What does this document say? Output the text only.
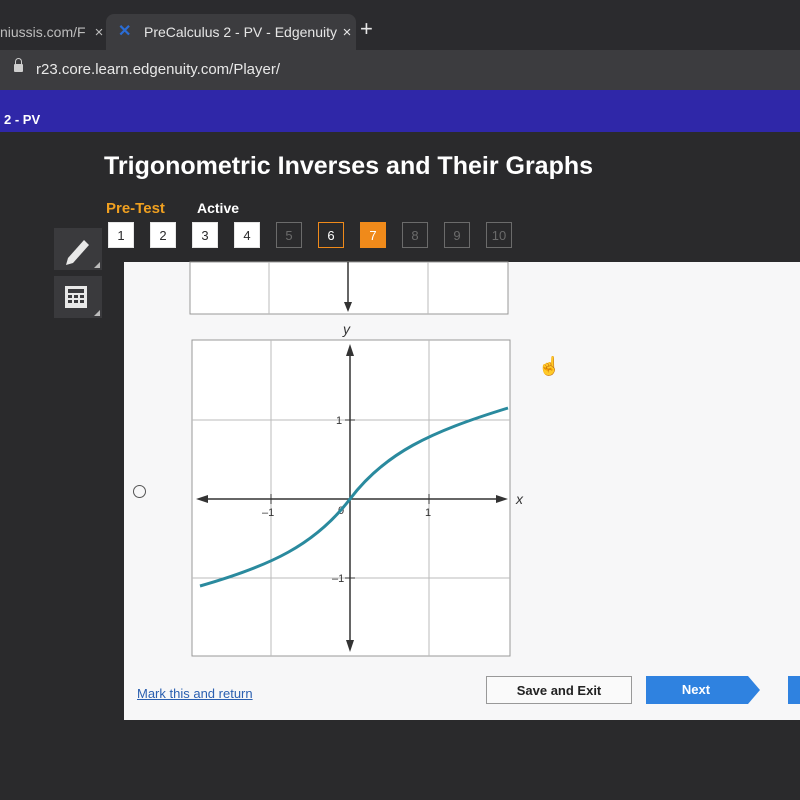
niussis.com/F × ✕ PreCalculus 2 - PV - Edgenuity × +
r23.core.learn.edgenuity.com/Player/
2 - PV
Trigonometric Inverses and Their Graphs
Pre-Test Active
1	2	3	4	5	6	7	8	9	10
x
y
–1	1
1
–1
0
☝
Mark this and return	Save and Exit	Next
